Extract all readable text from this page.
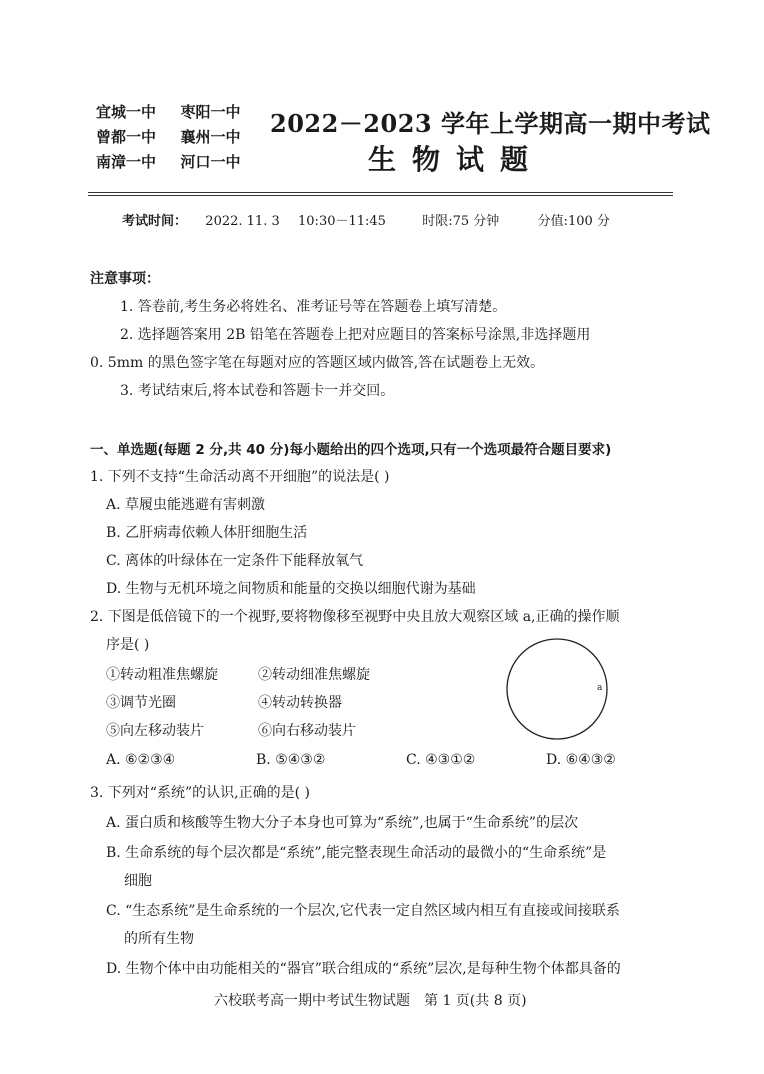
宜城一中 枣阳一中
曾都一中 襄州一中
南漳一中 河口一中
2022－2023 学年上学期高一期中考试
生物试题
考试时间： 2022. 11. 3 10:30－11:45	时限:75 分钟	分值:100 分
注意事项：
1. 答卷前,考生务必将姓名、准考证号等在答题卷上填写清楚。
2. 选择题答案用 2B 铅笔在答题卷上把对应题目的答案标号涂黑,非选择题用
0. 5mm 的黑色签字笔在每题对应的答题区域内做答,答在试题卷上无效。
3. 考试结束后,将本试卷和答题卡一并交回。
一、单选题(每题 2 分,共 40 分)每小题给出的四个选项,只有一个选项最符合题目要求)
1. 下列不支持“生命活动离不开细胞”的说法是( )
A. 草履虫能逃避有害刺激
B. 乙肝病毒依赖人体肝细胞生活
C. 离体的叶绿体在一定条件下能释放氧气
D. 生物与无机环境之间物质和能量的交换以细胞代谢为基础
2. 下图是低倍镜下的一个视野,要将物像移至视野中央且放大观察区域 a,正确的操作顺
序是( )
①转动粗准焦螺旋	②转动细准焦螺旋
③调节光圈	④转动转换器
⑤向左移动装片	⑥向右移动装片
a
A. ⑥②③④	B. ⑤④③②	C. ④③①②	D. ⑥④③②
3. 下列对“系统”的认识,正确的是( )
A. 蛋白质和核酸等生物大分子本身也可算为“系统”,也属于“生命系统”的层次
B. 生命系统的每个层次都是“系统”,能完整表现生命活动的最微小的“生命系统”是
细胞
C. “生态系统”是生命系统的一个层次,它代表一定自然区域内相互有直接或间接联系
的所有生物
D. 生物个体中由功能相关的“器官”联合组成的“系统”层次,是每种生物个体都具备的
六校联考高一期中考试生物试题　第 1 页(共 8 页)
